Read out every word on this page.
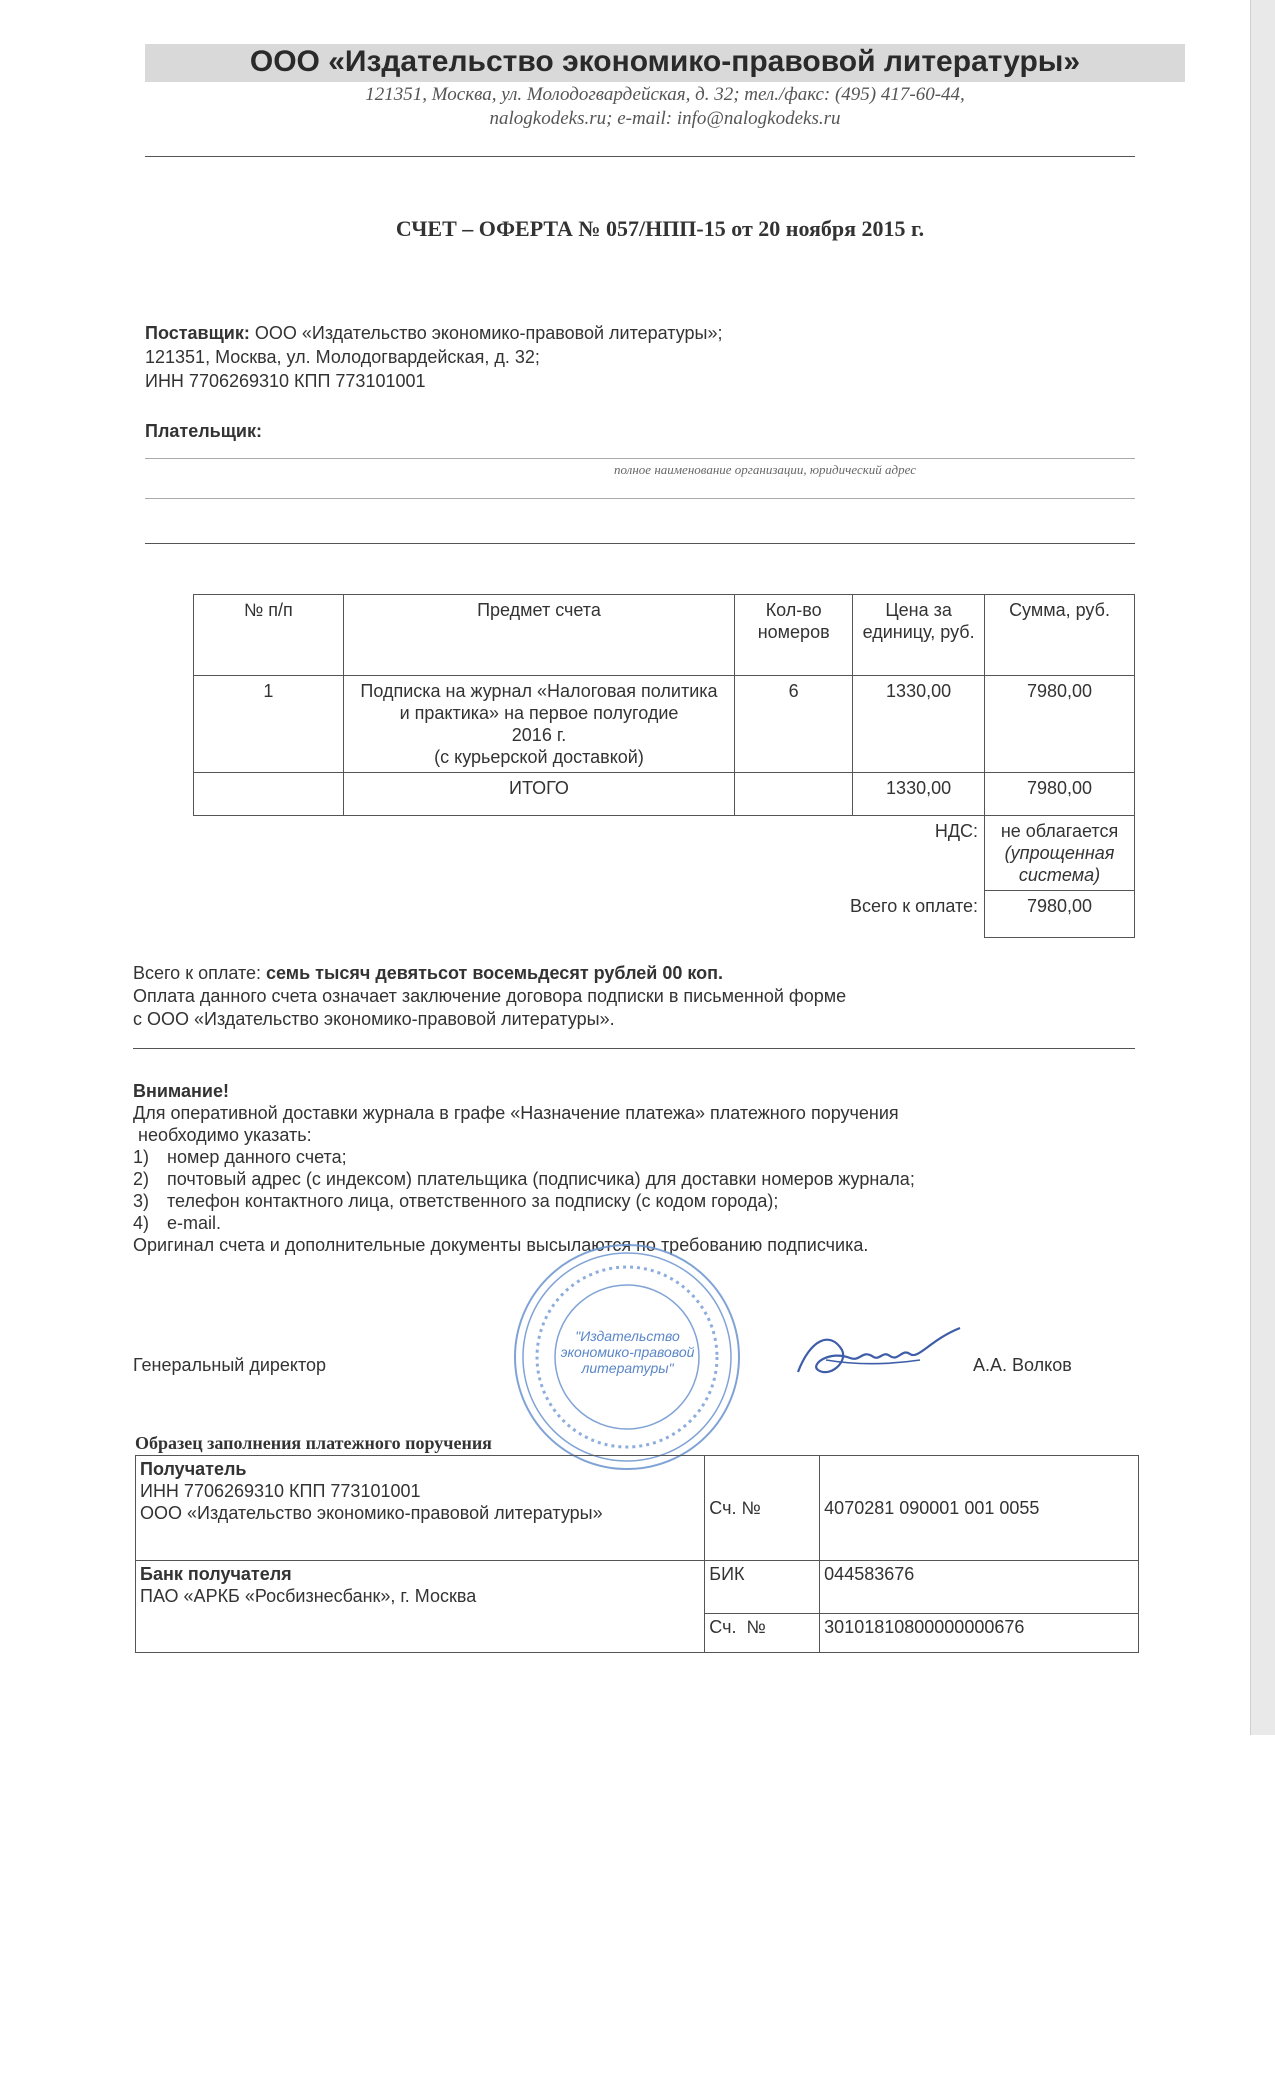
ООО «Издательство экономико-правовой литературы»
121351, Москва, ул. Молодогвардейская, д. 32; тел./факс: (495) 417-60-44,
nalogkodeks.ru; e-mail: info@nalogkodeks.ru
СЧЕТ – ОФЕРТА № 057/НПП-15 от 20 ноября 2015 г.
Поставщик: ООО «Издательство экономико-правовой литературы»;
121351, Москва, ул. Молодогвардейская, д. 32;
ИНН 7706269310 КПП 773101001
Плательщик:
полное наименование организации, юридический адрес
№ п/п	Предмет счета	Кол-во номеров	Цена за единицу, руб.	Сумма, руб.
1	Подписка на журнал «Налоговая политика
и практика» на первое полугодие
2016 г.
(с курьерской доставкой)	6	1330,00	7980,00
	ИТОГО		1330,00	7980,00
НДС:				не облагается
(упрощенная система)

Всего к оплате:				7980,00
Всего к оплате: семь тысяч девятьсот восемьдесят рублей 00 коп.
Оплата данного счета означает заключение договора подписки в письменной форме
с ООО «Издательство экономико-правовой литературы».
Внимание!
Для оперативной доставки журнала в графе «Назначение платежа» платежного поручения
необходимо указать:
1) номер данного счета;
2) почтовый адрес (с индексом) плательщика (подписчика) для доставки номеров журнала;
3) телефон контактного лица, ответственного за подписку (с кодом города);
4) e-mail.
Оригинал счета и дополнительные документы высылаются по требованию подписчика.
"Издательство экономико-правовой литературы"
Генеральный директор	А.А. Волков
Образец заполнения платежного поручения
Получатель
ИНН 7706269310 КПП 773101001
ООО «Издательство экономико-правовой литературы»	Сч. №	4070281 090001 001 0055

Банк получателя
ПАО «АРКБ «Росбизнесбанк», г. Москва	БИК	044583676
	Сч.  №	30101810800000000676
